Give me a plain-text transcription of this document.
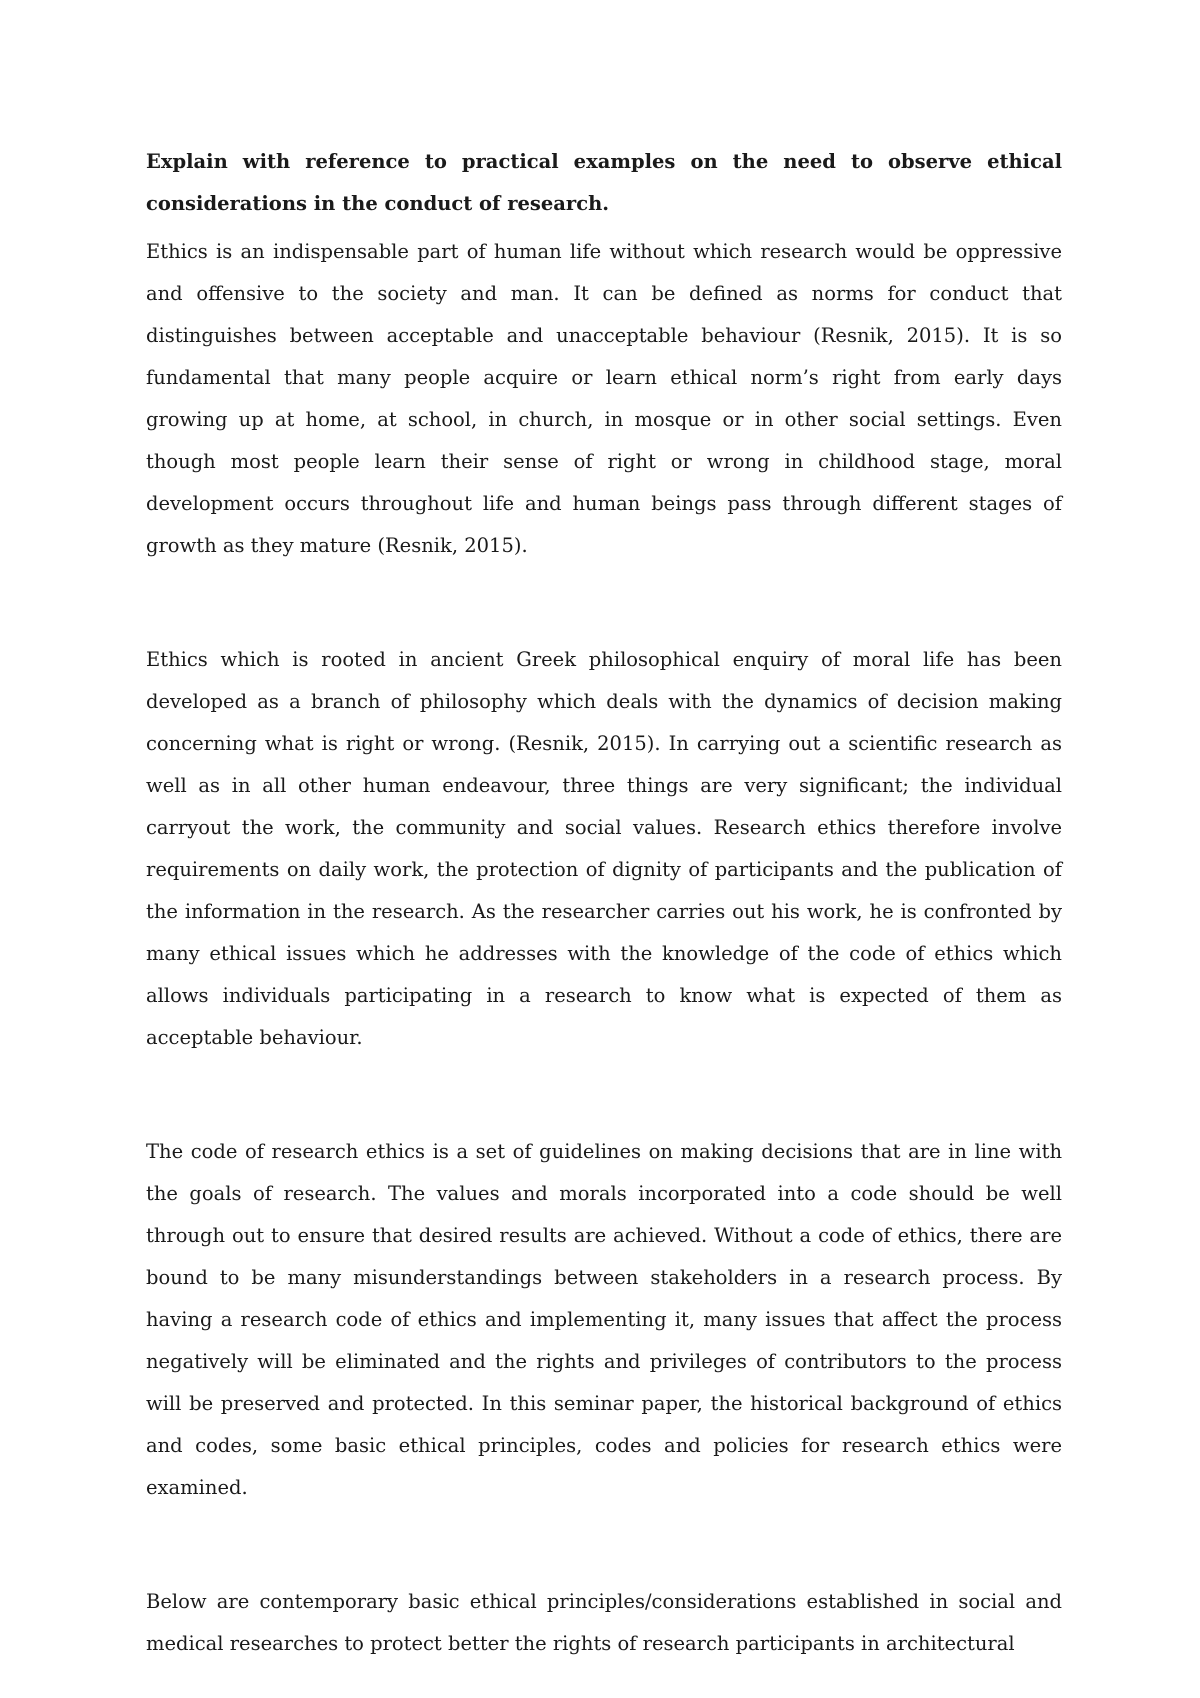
Explain with reference to practical examples on the need to observe ethical considerations in the conduct of research.

Ethics is an indispensable part of human life without which research would be oppressive and offensive to the society and man. It can be defined as norms for conduct that distinguishes between acceptable and unacceptable behaviour (Resnik, 2015). It is so fundamental that many people acquire or learn ethical norm’s right from early days growing up at home, at school, in church, in mosque or in other social settings. Even though most people learn their sense of right or wrong in childhood stage, moral development occurs throughout life and human beings pass through different stages of growth as they mature (Resnik, 2015).

Ethics which is rooted in ancient Greek philosophical enquiry of moral life has been developed as a branch of philosophy which deals with the dynamics of decision making concerning what is right or wrong. (Resnik, 2015). In carrying out a scientific research as well as in all other human endeavour, three things are very significant; the individual carryout the work, the community and social values. Research ethics therefore involve requirements on daily work, the protection of dignity of participants and the publication of the information in the research. As the researcher carries out his work, he is confronted by many ethical issues which he addresses with the knowledge of the code of ethics which allows individuals participating in a research to know what is expected of them as acceptable behaviour.

The code of research ethics is a set of guidelines on making decisions that are in line with the goals of research. The values and morals incorporated into a code should be well through out to ensure that desired results are achieved. Without a code of ethics, there are bound to be many misunderstandings between stakeholders in a research process. By having a research code of ethics and implementing it, many issues that affect the process negatively will be eliminated and the rights and privileges of contributors to the process will be preserved and protected. In this seminar paper, the historical background of ethics and codes, some basic ethical principles, codes and policies for research ethics were examined.

Below are contemporary basic ethical principles/considerations established in social and medical researches to protect better the rights of research participants in architectural
